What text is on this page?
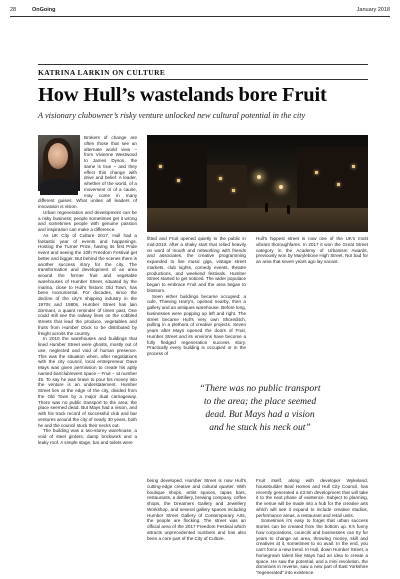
28	OnGoing	January 2018
KATRINA LARKIN ON CULTURE
How Hull’s wastelands bore Fruit
A visionary clubowner’s risky venture unlocked new cultural potential in the city

Brokers of change are often those that see an alternate world view – from Vivienne Westwood to James Dyson, the same is true – and they effect this change with drive and belief. A leader, whether of the world, of a movement or of a cause, may come in many different guises. What unites all leaders of innovation is vision.

Urban regeneration and development can be a risky business; people sometimes get it wrong and sometimes people with genuine passion and inspiration can make a difference.

As UK City of Culture 2017, Hull had a fantastic year of events and happenings. Hosting the Turner Prize, having its first Pride event and seeing the 10th Freedom Festival get better and bigger. But behind the scenes there is another success story for the city. The transformation and development of an area around the former fruit and vegetable warehouses of Humber Street, situated by the marina, close to Hull’s historic Old Town, has been monumental. For decades, since the decline of the city’s shipping industry in the 1970s and 1980s, Humber Street has lain dormant, a quaint reminder of times past. One could still see the railway lines on the cobbled streets that lead the produce, vegetables and fruits from Humber Dock to be distributed by freight across the country.

In 2010 the warehouses and buildings that lined Humber Street were ghosts, mostly out of use, neglected and void of human presence. This was the situation when, after negotiations with the city council, local entrepreneur Dave Mays was given permission to create his aptly named bar/club/event space – Fruit – at number 45. To say he was brave to pour his money into the venture is an understatement. Humber Street lies at the edge of the city, divided from the Old Town by a major dual carriageway. There was no public transport to the area; the place seemed dead. But Mays had a vision, and with his track record of successful club and bar ventures around the city of nearly 30 years, both he and the council stuck their necks out.

The building was a two-storey warehouse, a void of steel girders, damp brickwork and a leaky roof. A simple stage, bar and toilets were

fitted and Fruit opened quietly to the public in mid-2010. After a shaky start that relied heavily on word of mouth and networking with friends and associates, the creative programming expanded to live music gigs, vintage street markets, club nights, comedy events, theatre productions, and weekend festivals. Humber Street started to get noticed. The wider populace began to embrace Fruit and the area began to blossom.

Seen either buildings became occupied: a cafe, Thieving Harry’s, opened nearby, then a gallery and an antiques warehouse. Before long, businesses were popping up left and right. The street became Hull’s very own Shoreditch, pulling in a plethora of creative projects. Seven years after Mays opened the doors of Fruit, Humber Street and its environs have become a fully fledged regeneration success story. Practically every building is occupied or in the process of

being developed. Humber Street is now Hull’s cutting-edge creative and cultural quarter. With boutique shops, artist spaces, tapas bars, restaurants, a distillery, brewing company, coffee shops, the Dreamers Gallery and Jewellery Workshop, and several gallery spaces including Humber Street Gallery of Contemporary Arts, the people are flocking. The street was an official area of the 2017 Freedom Festival which attracts unprecedented numbers and has also been a core part of the City of Culture.

Hull’s hippest street is now one of the UK’s most vibrant thoroughfares. In 2017 it won the Great Street category in the Academy of Urbanism Awards, previously won by Marylebone High Street. Not bad for an area that seven years ago lay vacant.

Fruit itself, along with developer Wykeland, housebuilder Beal Homes and Hull City Council, has recently generated a £3.5m development that will take it to the next phase of existence. Subject to planning, the venue will be made into a hub for the creative arts which will see it expand to include creative studios, performance areas, a restaurant and retail units.

Sometimes it’s easy to forget that urban success stories can be created from the bottom up. It’s funny how corporations, councils and businesses can try for years to change an area, throwing money, skill and creatives at it, sometimes to no avail. In the end, you can’t force a new trend. In Hull, down Humber Street, a homegrown talent like Mays had an idea to create a space. He saw the potential, and a mini revolution, the dominoes in reverse, saw a new part of East Yorkshire “regenerated” into existence.

“There was no public transport
to the area; the place seemed
dead. But Mays had a vision
and he stuck his neck out”
